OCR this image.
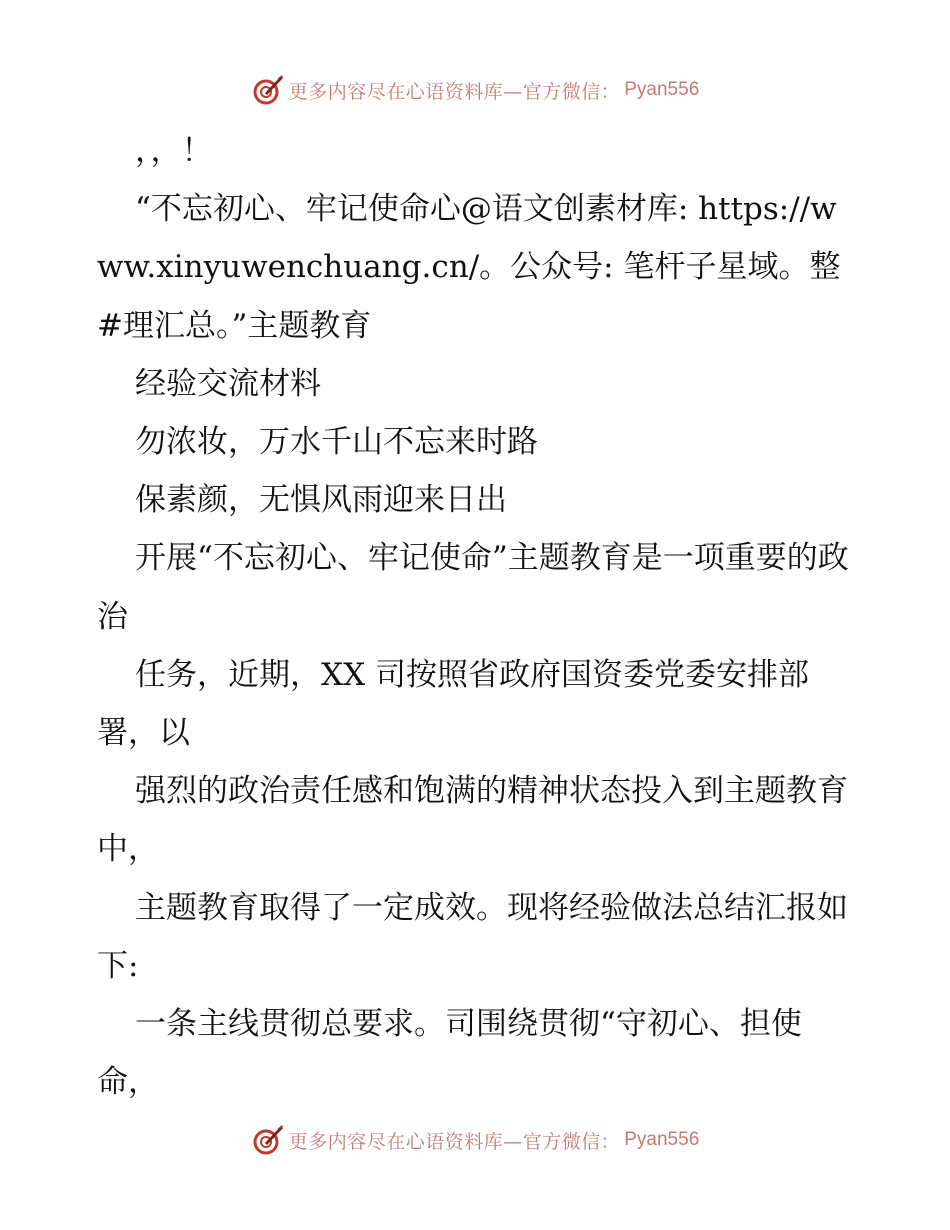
更多内容尽在心语资料库—官方微信： Pyan556

，，！

“不忘初心、牢记使命心@语文创素材库: https://www.xinyuwenchuang.cn/。公众号: 笔杆子星域。整#理汇总。”主题教育

经验交流材料

勿浓妆，万水千山不忘来时路

保素颜，无惧风雨迎来日出

开展“不忘初心、牢记使命”主题教育是一项重要的政治

任务，近期，XX 司按照省政府国资委党委安排部署，以

强烈的政治责任感和饱满的精神状态投入到主题教育中，

主题教育取得了一定成效。现将经验做法总结汇报如下:

一条主线贯彻总要求。司围绕贯彻“守初心、担使命，

更多内容尽在心语资料库—官方微信： Pyan556
